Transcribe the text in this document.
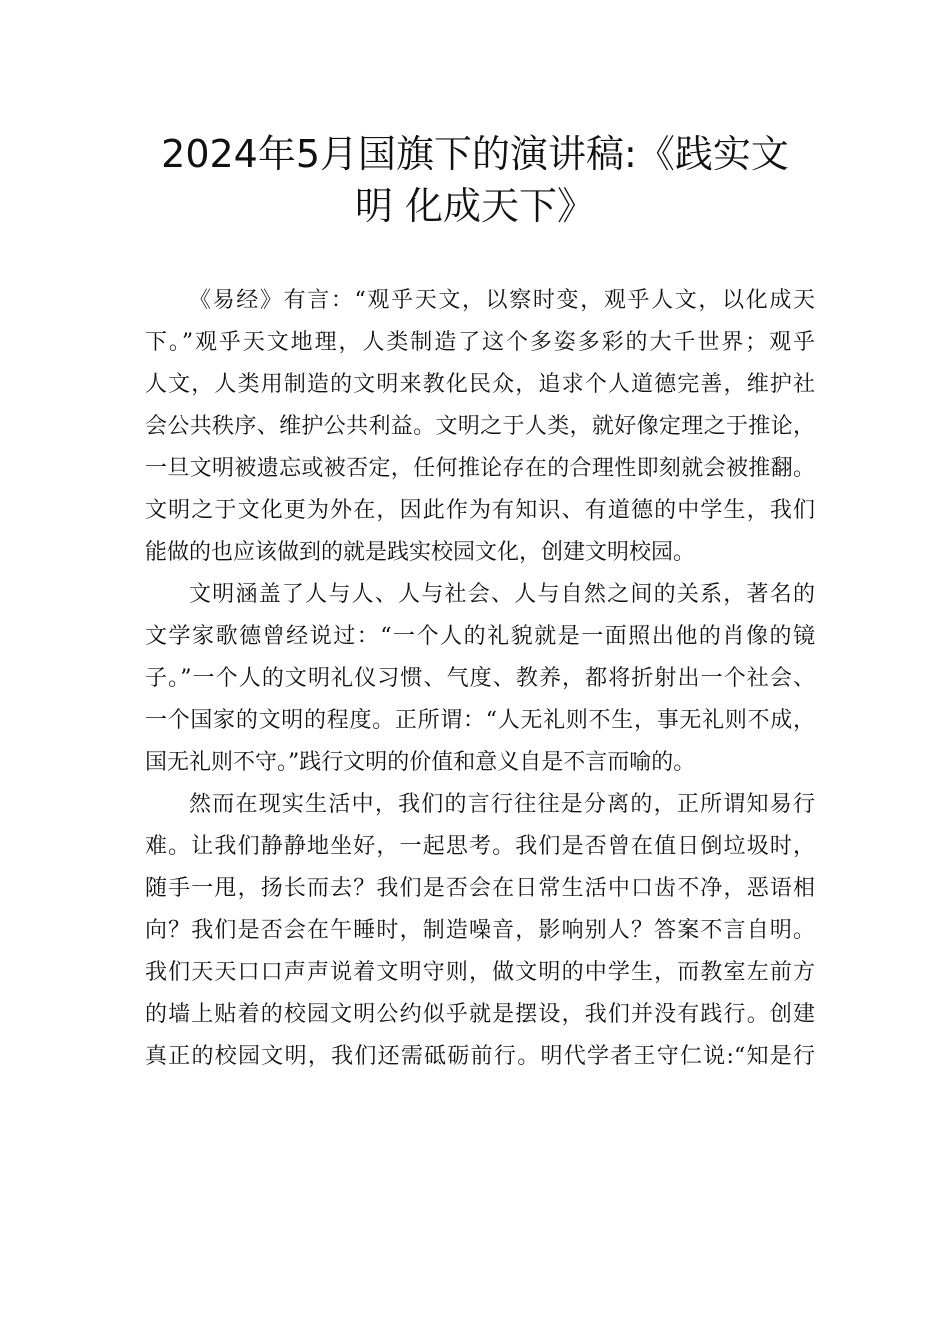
2024年5月国旗下的演讲稿:《践实文
明 化成天下》
《易经》有言：“观乎天文，以察时变，观乎人文，以化成天
下。”观乎天文地理，人类制造了这个多姿多彩的大千世界；观乎
人文，人类用制造的文明来教化民众，追求个人道德完善，维护社
会公共秩序、维护公共利益。文明之于人类，就好像定理之于推论，
一旦文明被遗忘或被否定，任何推论存在的合理性即刻就会被推翻。
文明之于文化更为外在，因此作为有知识、有道德的中学生，我们
能做的也应该做到的就是践实校园文化，创建文明校园。
文明涵盖了人与人、人与社会、人与自然之间的关系，著名的
文学家歌德曾经说过：“一个人的礼貌就是一面照出他的肖像的镜
子。”一个人的文明礼仪习惯、气度、教养，都将折射出一个社会、
一个国家的文明的程度。正所谓：“人无礼则不生，事无礼则不成，
国无礼则不守。”践行文明的价值和意义自是不言而喻的。
然而在现实生活中，我们的言行往往是分离的，正所谓知易行
难。让我们静静地坐好，一起思考。我们是否曾在值日倒垃圾时，
随手一甩，扬长而去？我们是否会在日常生活中口齿不净，恶语相
向？我们是否会在午睡时，制造噪音，影响别人？答案不言自明。
我们天天口口声声说着文明守则，做文明的中学生，而教室左前方
的墙上贴着的校园文明公约似乎就是摆设，我们并没有践行。创建
真正的校园文明，我们还需砥砺前行。明代学者王守仁说:“知是行
